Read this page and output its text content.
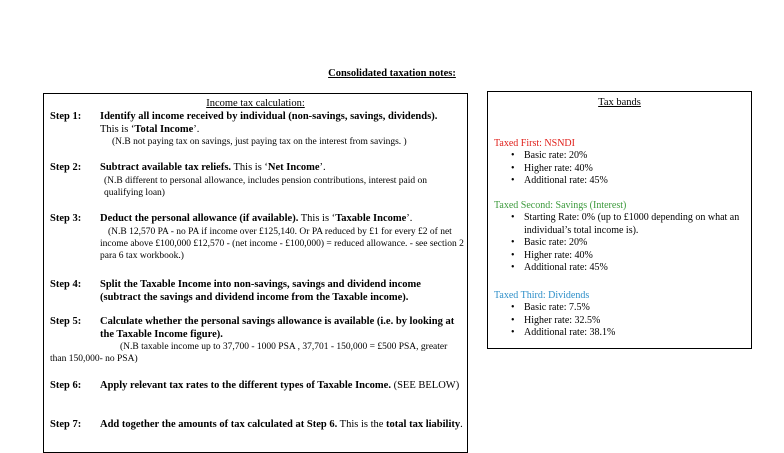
Consolidated taxation notes:
Income tax calculation:
Step 1: Identify all income received by individual (non-savings, savings, dividends).
This is ‘Total Income’.
(N.B not paying tax on savings, just paying tax on the interest from savings. )
Step 2: Subtract available tax reliefs. This is ‘Net Income’.
(N.B different to personal allowance, includes pension contributions, interest paid on qualifying loan)
Step 3: Deduct the personal allowance (if available). This is ‘Taxable Income’.
(N.B 12,570 PA - no PA if income over £125,140. Or PA reduced by £1 for every £2 of net income above £100,000 £12,570 - (net income - £100,000) = reduced allowance. - see section 2 para 6 tax workbook.)
Step 4: Split the Taxable Income into non-savings, savings and dividend income (subtract the savings and dividend income from the Taxable income).
Step 5: Calculate whether the personal savings allowance is available (i.e. by looking at the Taxable Income figure).
(N.B taxable income up to 37,700 - 1000 PSA , 37,701 - 150,000 = £500 PSA, greater than 150,000- no PSA)
Step 6: Apply relevant tax rates to the different types of Taxable Income. (SEE BELOW)
Step 7: Add together the amounts of tax calculated at Step 6. This is the total tax liability.
Tax bands
Taxed First: NSNDI
• Basic rate: 20%
• Higher rate: 40%
• Additional rate: 45%
Taxed Second: Savings (Interest)
• Starting Rate: 0% (up to £1000 depending on what an individual’s total income is).
• Basic rate: 20%
• Higher rate: 40%
• Additional rate: 45%
Taxed Third: Dividends
• Basic rate: 7.5%
• Higher rate: 32.5%
• Additional rate: 38.1%
